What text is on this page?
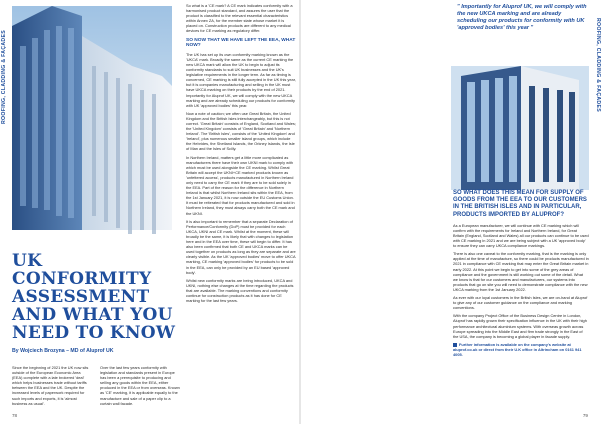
ROOFING, CLADDING & FAÇADES
UK CONFORMITY ASSESSMENT AND WHAT YOU NEED TO KNOW
By Wojciech Brozyna – MD of Aluprof UK

Since the beginning of 2021 the UK now sits outside of the European Economic Area (EEA) complete with a late brokered 'deal' which helps businesses trade without tariffs between the EEA and the UK. Despite the increased levels of paperwork required for such imports and exports, it is 'almost business as usual'.

Over the last few years conformity with legislation and standards present in Europe has been a prerequisite to producing and selling any goods within the EEA, either produced in the EEA or from overseas. Known as 'CE' marking, it is applicable equally to the manufacture and sale of a paper clip to a curtain wall facade.

So what is a 'CE mark? A CE mark indicates conformity with a harmonised product standard, and assures the user that the product is classified to the relevant essential characteristics within Annex ZA, for the member state whose market it is placed on. Construction products are different to any medical devices for CE marking as regulatory differ.

SO NOW THAT WE HAVE LEFT THE EEA, WHAT NOW?

The UK has set up its own conformity marking known as the 'UKCA' mark. Broadly the same as the current CE marking the new UKCA mark will allow the UK to begin to adjust its conformity standards to suit UK businesses and the UK's legislative requirements in the longer term. As far as timing is concerned, CE marking is still fully accepted in the UK this year, but it is companies manufacturing and selling in the UK must have UKCA marking on their products by the end of 2021. Importantly for Aluprof UK, we will comply with the new UKCA marking and are already scheduling our products for conformity with UK 'approved bodies' this year.

Now a note of caution; we often use Great Britain, the United Kingdom and the British Isles interchangeably, but this is not correct. 'Great Britain' consists of England, Scotland and Wales; the 'United Kingdom' consists of 'Great Britain' and 'Northern Ireland'. The 'British Isles', consists of the 'United Kingdom' and 'Ireland', plus numerous smaller island groups, which include the Hebrides, the Shetland Islands, the Orkney Islands, the Isle of Man and the Isles of Scilly.

In Northern Ireland, matters get a little more complicated as manufacturers there have their own UKNI mark to comply with which must be used alongside the CE marking. Whilst Great Britain will accept the UKNI+CE marked products known as 'unfettered access', products manufactured in Northern Ireland only need to carry the CE mark if they are to be sold solely in the EEA. Part of the reason for the difference in Northern Ireland is that whilst Northern Ireland sits within the EEA, from the 1st January 2021, it is now outside the EU Customs Union. It must be reiterated that for products manufactured and sold in Northern Ireland, they must always carry both the CE mark and the UKNI.

It is also important to remember that a separate Declaration of Performance/Conformity (DoP) must be provided for each UKCA, UKNI and CE mark. Whilst at the moment, these will broadly be the same, it is likely that with changes to legislation here and in the EEA over time, these will begin to differ. It has also been confirmed that both CE and UKCA marks can be used together on products as long as they are separate and are clearly visible. As the UK 'approved bodies' move to offer UKCA marking, CE marking 'approved bodies' for products to be sold in the EEA, can only be provided by an EU based 'approved body'.

Whilst new conformity marks are being introduced, UKCA and UKNI, nothing else changes at the time regarding the products that are available. The marking conventions and conformity continue for construction products as it has done for CE marking for the last few years.

78
" Importantly for Aluprof UK, we will comply with the new UKCA marking and are already scheduling our products for conformity with UK 'approved bodies' this year "
SO WHAT DOES THIS MEAN FOR SUPPLY OF GOODS FROM THE EEA TO OUR CUSTOMERS IN THE BRITISH ISLES AND IN PARTICULAR, PRODUCTS IMPORTED BY ALUPROF?

As a European manufacturer, we will continue with CE marking which will confirm with the requirements for Ireland and Northern Ireland, for Great Britain (England, Scotland and Wales) all our products can continue to be used with CE marking in 2021 and we are being subject with a UK 'approved body' to ensure they can carry UKCA compliance markings.

There is also one caveat to the conformity marking, that is the marking is only applied at the time of manufacture, so there could be products manufactured in 2021 in compliance with CE marking that may enter the Great Britain market in early 2022. At this point we begin to get into some of the grey areas of compliance and the government is still working out some of the detail. What we know is that for our customers and manufacturers, our systems into products that go on site you will need to demonstrate compliance with the new UKCA marking from the 1st January 2022.

As ever with our loyal customers in the British Isles, we are on-hand at Aluprof to give any of our customer guidance on the compliance and marking conventions.

With the company Project Office of the Business Design Centre in London, Aluprof has rapidly grown their specification influence in the UK with their high performance architectural aluminium systems. With overseas growth across Europe spreading into the Middle East and firm trade strongly in the East of the USA, the company is becoming a global player in facade supply.

Further information is available on the company's website at aluprof.co.uk or direct from their U.K office in Altrincham on 0161 941 4005.
ROOFING, CLADDING & FAÇADES
79
